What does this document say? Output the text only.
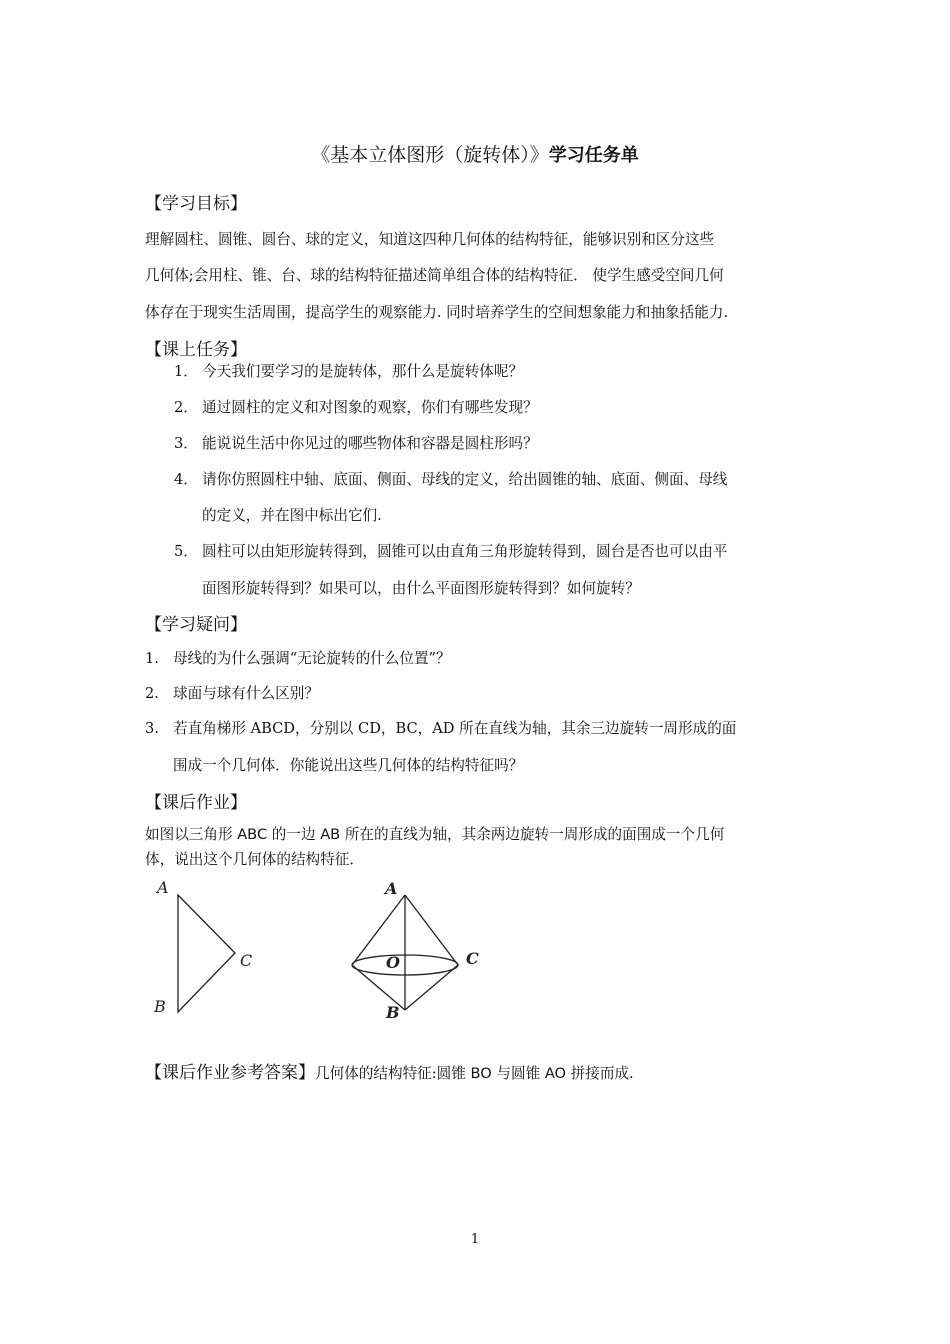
《基本立体图形（旋转体）》学习任务单
【学习目标】
理解圆柱、圆锥、圆台、球的定义，知道这四种几何体的结构特征，能够识别和区分这些
几何体;会用柱、锥、台、球的结构特征描述简单组合体的结构特征． 使学生感受空间几何
体存在于现实生活周围，提高学生的观察能力. 同时培养学生的空间想象能力和抽象括能力.
【课上任务】
1． 今天我们要学习的是旋转体，那什么是旋转体呢？
2． 通过圆柱的定义和对图象的观察，你们有哪些发现？
3． 能说说生活中你见过的哪些物体和容器是圆柱形吗？
4． 请你仿照圆柱中轴、底面、侧面、母线的定义，给出圆锥的轴、底面、侧面、母线
的定义，并在图中标出它们.
5． 圆柱可以由矩形旋转得到，圆锥可以由直角三角形旋转得到，圆台是否也可以由平
面图形旋转得到？如果可以，由什么平面图形旋转得到？如何旋转？
【学习疑问】
1. 母线的为什么强调“无论旋转的什么位置”？
2. 球面与球有什么区别？
3. 若直角梯形 ABCD，分别以 CD，BC，AD 所在直线为轴，其余三边旋转一周形成的面
围成一个几何体．你能说出这些几何体的结构特征吗？
【课后作业】
如图以三角形 ABC 的一边 AB 所在的直线为轴，其余两边旋转一周形成的面围成一个几何
体，说出这个几何体的结构特征．
A
B
C
A
O	C
B
【课后作业参考答案】几何体的结构特征:圆锥 BO 与圆锥 AO 拼接而成.
1
